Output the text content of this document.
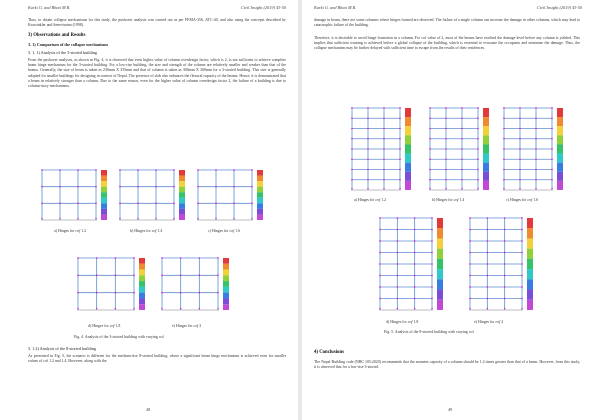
Karki G. and Bhatt M.R.	Civil Insight (2019) 43-50
Thus, to obtain collapse mechanisms for this study, the pushover analysis was carried out as per FEMA-356, ATC-40, and also using the concepts described by Krawinkler and Seneviratna (1998).
3) Observations and Results
3. 1) Comparison of the collapse mechanisms
3. 1. 1) Analysis of the 3-storied building
From the pushover analyses, as shown in Fig. 4, it is observed that even higher value of column overdesign factor, which is 2, is not sufficient to achieve complete beam hinge mechanism for the 3-storied building. For a low-rise building, the size and strength of the column are relatively smaller and weaker than that of the beams. Generally, the size of beam is taken as 230mm X 355mm and that of column is taken as 300mm X 300mm for a 3-storied building. This size is generally adopted for smaller buildings for designing in context of Nepal. The presence of slab also enhances the flexural capacity of the beams. Hence, it is demonstrated that a beam in relatively stronger than a column. Due to the same reason, even for the higher value of column overdesign factor 2, the failure of a building is due to column-story mechanisms.
a) Hinges for cof 1.2	b) Hinges for cof 1.4	c) Hinges for cof 1.6
d) Hinges for cof 1.8	e) Hinges for cof 2
Fig. 4. Analysis of the 3-storied building with varying cof
3. 1.2) Analysis of the 8-storied building
As presented in Fig. 5, the scenario is different for the medium-rise 8-storied building, where a significant beam hinge mechanism is achieved even for smaller values of cof 1.2 and 1.4. However, along with the
48
Karki G. and Bhatt M.R.	Civil Insight (2019) 43-50
damage in beam, there are some columns where hinges formed are observed. The failure of a single column can increase the damage in other columns, which may lead to catastrophic failure of the building.
Therefore, it is desirable to avoid hinge formation in a column. For cof value of 2, most of the beams have reached the damage level before any column is yielded. This implies that sufficient warning is achieved before a global collapse of the building, which is essential to evacuate the occupants and minimize the damage. Thus, the collapse mechanism may be further delayed with sufficient time to escape from the results of their residences.
a) Hinges for cof 1.2	b) Hinges for cof 1.4	c) Hinges for cof 1.6
d) Hinges for cof 1.8	e) Hinges for cof 2
Fig. 5. Analysis of the 8-storied building with varying cof
4) Conclusions
The Nepal Building code (NBC 105:2020) recommends that the moment capacity of a column should be 1.4 times greater than that of a beam. However, from this study, it is observed that for a low-rise 3-storied
49
